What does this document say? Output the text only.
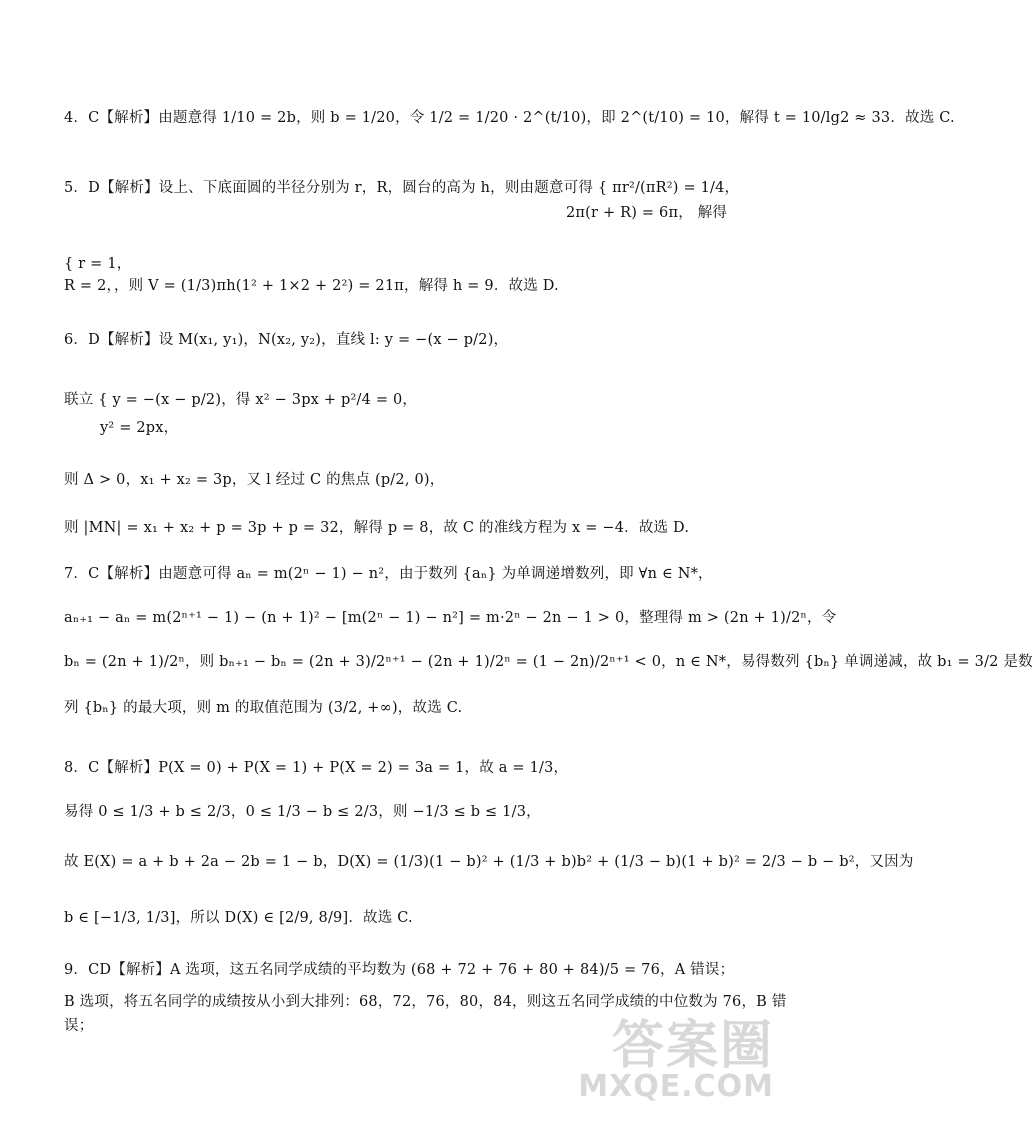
4．C【解析】由题意得 1/10 = 2b，则 b = 1/20，令 1/2 = 1/20 · 2^(t/10)，即 2^(t/10) = 10，解得 t = 10/lg2 ≈ 33．故选 C.
5．D【解析】设上、下底面圆的半径分别为 r，R，圆台的高为 h，则由题意可得 { πr²/(πR²) = 1/4，
2π(r + R) = 6π， 解得
{ r = 1，
R = 2，，则 V = (1/3)πh(1² + 1×2 + 2²) = 21π，解得 h = 9．故选 D.
6．D【解析】设 M(x₁, y₁)，N(x₂, y₂)，直线 l: y = −(x − p/2)，
联立 { y = −(x − p/2)，得 x² − 3px + p²/4 = 0，
y² = 2px，
则 Δ > 0，x₁ + x₂ = 3p，又 l 经过 C 的焦点 (p/2, 0)，
则 |MN| = x₁ + x₂ + p = 3p + p = 32，解得 p = 8，故 C 的准线方程为 x = −4．故选 D.
7．C【解析】由题意可得 aₙ = m(2ⁿ − 1) − n²，由于数列 {aₙ} 为单调递增数列，即 ∀n ∈ N*，
aₙ₊₁ − aₙ = m(2ⁿ⁺¹ − 1) − (n + 1)² − [m(2ⁿ − 1) − n²] = m·2ⁿ − 2n − 1 > 0，整理得 m > (2n + 1)/2ⁿ，令
bₙ = (2n + 1)/2ⁿ，则 bₙ₊₁ − bₙ = (2n + 3)/2ⁿ⁺¹ − (2n + 1)/2ⁿ = (1 − 2n)/2ⁿ⁺¹ < 0，n ∈ N*，易得数列 {bₙ} 单调递减，故 b₁ = 3/2 是数
列 {bₙ} 的最大项，则 m 的取值范围为 (3/2, +∞)，故选 C.
8．C【解析】P(X = 0) + P(X = 1) + P(X = 2) = 3a = 1，故 a = 1/3，
易得 0 ≤ 1/3 + b ≤ 2/3，0 ≤ 1/3 − b ≤ 2/3，则 −1/3 ≤ b ≤ 1/3，
故 E(X) = a + b + 2a − 2b = 1 − b，D(X) = (1/3)(1 − b)² + (1/3 + b)b² + (1/3 − b)(1 + b)² = 2/3 − b − b²，又因为
b ∈ [−1/3, 1/3]，所以 D(X) ∈ [2/9, 8/9]．故选 C.
9．CD【解析】A 选项，这五名同学成绩的平均数为 (68 + 72 + 76 + 80 + 84)/5 = 76，A 错误；
B 选项，将五名同学的成绩按从小到大排列：68，72，76，80，84，则这五名同学成绩的中位数为 76，B 错
误；	答案圈
MXQE.COM
